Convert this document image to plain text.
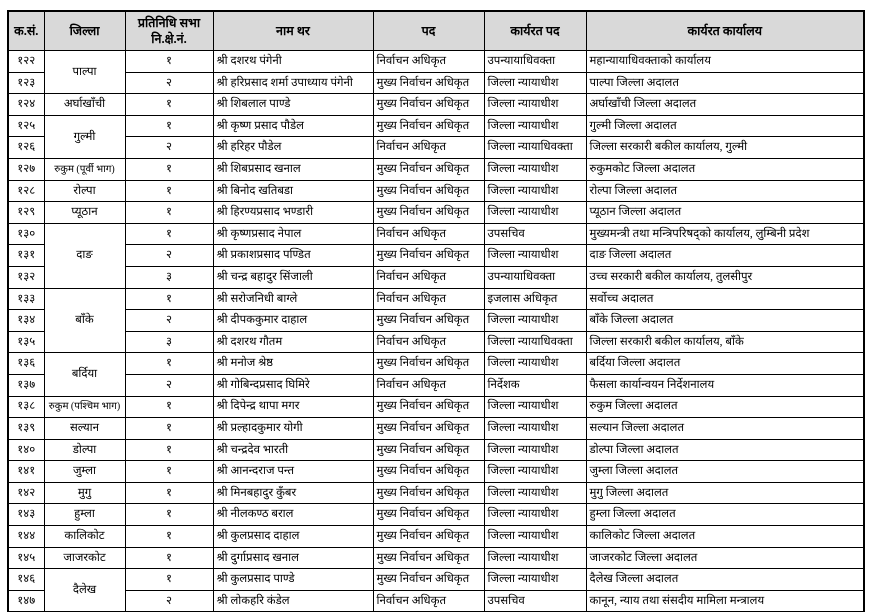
क.सं.	जिल्ला	प्रतिनिधि सभा नि.क्षे.नं.	नाम थर	पद	कार्यरत पद	कार्यरत कार्यालय
१२२	पाल्पा	१	श्री दशरथ पंगेनी	निर्वाचन अधिकृत	उपन्यायाधिवक्ता	महान्यायाधिवक्ताको कार्यालय
१२३		२	श्री हरिप्रसाद शर्मा उपाध्याय पंगेनी	मुख्य निर्वाचन अधिकृत	जिल्ला न्यायाधीश	पाल्पा जिल्ला अदालत
१२४	अर्घाखाँची	१	श्री शिबलाल पाण्डे	मुख्य निर्वाचन अधिकृत	जिल्ला न्यायाधीश	अर्घाखाँची जिल्ला अदालत
१२५	गुल्मी	१	श्री कृष्ण प्रसाद पौडेल	मुख्य निर्वाचन अधिकृत	जिल्ला न्यायाधीश	गुल्मी जिल्ला अदालत
१२६		२	श्री हरिहर पौडेल	निर्वाचन अधिकृत	जिल्ला न्यायाधिवक्ता	जिल्ला सरकारी बकील कार्यालय, गुल्मी
१२७	रुकुम (पूर्वी भाग)	१	श्री शिबप्रसाद खनाल	मुख्य निर्वाचन अधिकृत	जिल्ला न्यायाधीश	रुकुमकोट जिल्ला अदालत
१२८	रोल्पा	१	श्री बिनोद खतिबडा	मुख्य निर्वाचन अधिकृत	जिल्ला न्यायाधीश	रोल्पा जिल्ला अदालत
१२९	प्यूठान	१	श्री हिरण्यप्रसाद भण्डारी	मुख्य निर्वाचन अधिकृत	जिल्ला न्यायाधीश	प्यूठान जिल्ला अदालत
१३०	दाङ	१	श्री कृष्णप्रसाद नेपाल	निर्वाचन अधिकृत	उपसचिव	मुख्यमन्त्री तथा मन्त्रिपरिषद्को कार्यालय, लुम्बिनी प्रदेश
१३१		२	श्री प्रकाशप्रसाद पण्डित	मुख्य निर्वाचन अधिकृत	जिल्ला न्यायाधीश	दाङ जिल्ला अदालत
१३२		३	श्री चन्द्र बहादुर सिंजाली	निर्वाचन अधिकृत	उपन्यायाधिवक्ता	उच्च सरकारी बकील कार्यालय, तुलसीपुर
१३३	बाँके	१	श्री सरोजनिधी बाग्ले	निर्वाचन अधिकृत	इजलास अधिकृत	सर्वोच्च अदालत
१३४		२	श्री दीपककुमार दाहाल	मुख्य निर्वाचन अधिकृत	जिल्ला न्यायाधीश	बाँके जिल्ला अदालत
१३५		३	श्री दशरथ गौतम	निर्वाचन अधिकृत	जिल्ला न्यायाधिवक्ता	जिल्ला सरकारी बकील कार्यालय, बाँके
१३६	बर्दिया	१	श्री मनोज श्रेष्ठ	मुख्य निर्वाचन अधिकृत	जिल्ला न्यायाधीश	बर्दिया जिल्ला अदालत
१३७		२	श्री गोबिन्दप्रसाद घिमिरे	निर्वाचन अधिकृत	निर्देशक	फैसला कार्यान्वयन निर्देशनालय
१३८	रुकुम (पश्चिम भाग)	१	श्री दिपेन्द्र थापा मगर	मुख्य निर्वाचन अधिकृत	जिल्ला न्यायाधीश	रुकुम जिल्ला अदालत
१३९	सल्यान	१	श्री प्रल्हादकुमार योगी	मुख्य निर्वाचन अधिकृत	जिल्ला न्यायाधीश	सल्यान जिल्ला अदालत
१४०	डोल्पा	१	श्री चन्द्रदेव भारती	मुख्य निर्वाचन अधिकृत	जिल्ला न्यायाधीश	डोल्पा जिल्ला अदालत
१४१	जुम्ला	१	श्री आनन्दराज पन्त	मुख्य निर्वाचन अधिकृत	जिल्ला न्यायाधीश	जुम्ला जिल्ला अदालत
१४२	मुगु	१	श्री मिनबहादुर कुँबर	मुख्य निर्वाचन अधिकृत	जिल्ला न्यायाधीश	मुगु जिल्ला अदालत
१४३	हुम्ला	१	श्री नीलकण्ठ बराल	मुख्य निर्वाचन अधिकृत	जिल्ला न्यायाधीश	हुम्ला जिल्ला अदालत
१४४	कालिकोट	१	श्री कुलप्रसाद दाहाल	मुख्य निर्वाचन अधिकृत	जिल्ला न्यायाधीश	कालिकोट जिल्ला अदालत
१४५	जाजरकोट	१	श्री दुर्गाप्रसाद खनाल	मुख्य निर्वाचन अधिकृत	जिल्ला न्यायाधीश	जाजरकोट जिल्ला अदालत
१४६	दैलेख	१	श्री कुलप्रसाद पाण्डे	मुख्य निर्वाचन अधिकृत	जिल्ला न्यायाधीश	दैलेख जिल्ला अदालत
१४७		२	श्री लोकहरि कंडेल	निर्वाचन अधिकृत	उपसचिव	कानून, न्याय तथा संसदीय मामिला मन्त्रालय
